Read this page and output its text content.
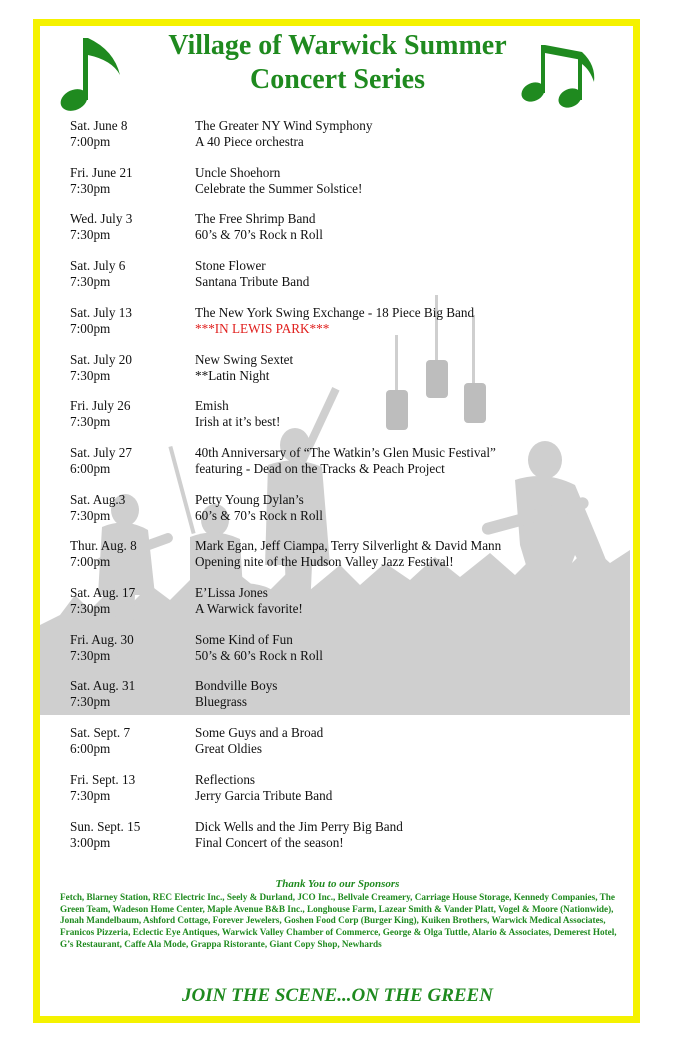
Village of Warwick Summer
Concert Series
Sat. June 8
7:00pm
The Greater NY Wind Symphony
A 40 Piece orchestra
Fri. June 21
7:30pm
Uncle Shoehorn
Celebrate the Summer Solstice!
Wed. July 3
7:30pm
The Free Shrimp Band
60’s & 70’s Rock n Roll
Sat. July 6
7:30pm
Stone Flower
Santana Tribute Band
Sat. July 13
7:00pm
The New York Swing Exchange - 18 Piece Big Band
***IN LEWIS PARK***
Sat. July 20
7:30pm
New Swing Sextet
**Latin Night
Fri. July 26
7:30pm
Emish
Irish at it’s best!
Sat. July 27
6:00pm
40th Anniversary of “The Watkin’s Glen Music Festival”
featuring - Dead on the Tracks & Peach Project
Sat. Aug.3
7:30pm
Petty Young Dylan’s
60’s & 70’s Rock n Roll
Thur. Aug. 8
7:00pm
Mark Egan, Jeff Ciampa, Terry Silverlight & David Mann
Opening nite of the Hudson Valley Jazz Festival!
Sat. Aug. 17
7:30pm
E’Lissa Jones
A Warwick favorite!
Fri. Aug. 30
7:30pm
Some Kind of Fun
50’s & 60’s Rock n Roll
Sat. Aug. 31
7:30pm
Bondville Boys
Bluegrass
Sat. Sept. 7
6:00pm
Some Guys and a Broad
Great Oldies
Fri. Sept. 13
7:30pm
Reflections
Jerry Garcia Tribute Band
Sun. Sept. 15
3:00pm
Dick Wells and the Jim Perry Big Band
Final Concert of the season!
Thank You to our Sponsors
Fetch, Blarney Station, REC Electric Inc., Seely & Durland, JCO Inc., Bellvale Creamery, Carriage House Storage, Kennedy Companies, The Green Team, Wadeson Home Center, Maple Avenue B&B Inc., Longhouse Farm, Lazear Smith & Vander Platt, Vogel & Moore (Nationwide), Jonah Mandelbaum, Ashford Cottage, Forever Jewelers, Goshen Food Corp (Burger King), Kuiken Brothers, Warwick Medical Associates, Franicos Pizzeria, Eclectic Eye Antiques, Warwick Valley Chamber of Commerce, George & Olga Tuttle, Alario & Associates, Demerest Hotel, G’s Restaurant, Caffe Ala Mode, Grappa Ristorante, Giant Copy Shop, Newhards
JOIN THE SCENE...ON THE GREEN
